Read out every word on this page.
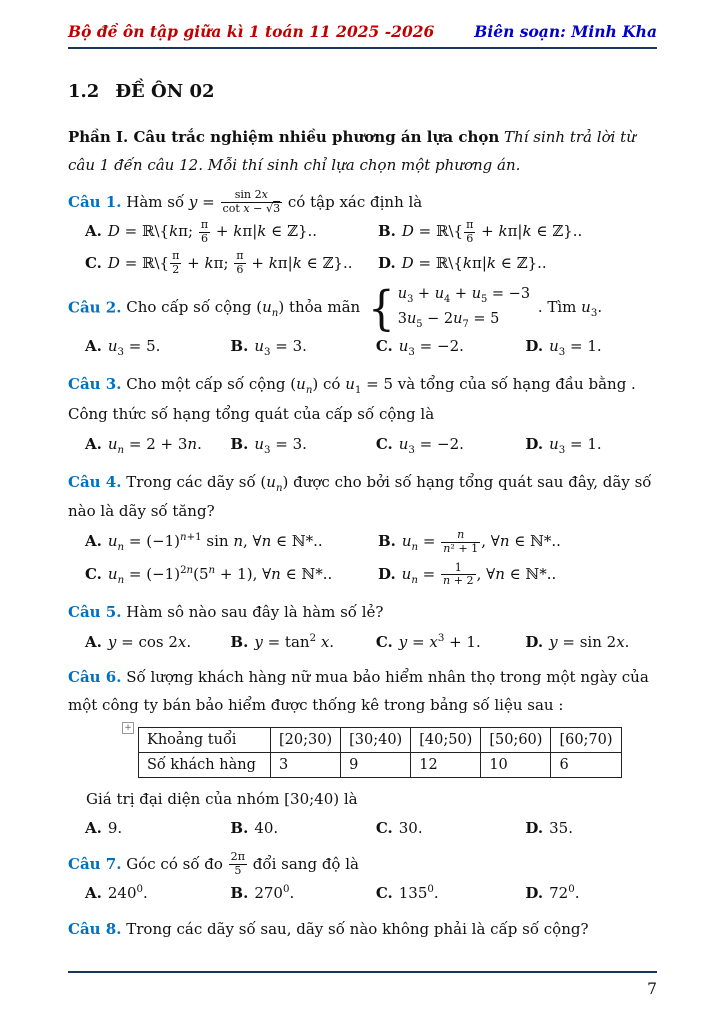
Bộ đề ôn tập giữa kì 1 toán 11 2025 -2026	Biên soạn: Minh Kha
1.2 ĐỀ ÔN 02

Phần I. Câu trắc nghiệm nhiều phương án lựa chọn Thí sinh trả lời từ câu 1 đến câu 12. Mỗi thí sinh chỉ lựa chọn một phương án.

Câu 1. Hàm số $y = \frac{\sin 2x}{\text{cot x − √3}}$ có tập xác định là

A. D = ℝ\{kπ; $\frac{\pi}{6} + k\pi|k$ ∈ ℤ}..	B. D = ℝ\{ $\frac{\pi}{6} + k\pi|k$ ∈ ℤ}..
C. D = ℝ\{ $\frac{\pi}{2} + k\pi$; $\frac{\pi}{6} + k\pi|k$ ∈ ℤ}..	D. D = ℝ\{kπ|k ∈ ℤ}..

Câu 2. Cho cấp số cộng $(u_n)$ thỏa mãn { $u_3 + u_4 + u_5 = -3$
$3u_5 - 2u_7 = 5$
. Tìm $u_3$.

A. $u_3 = 5$.	B. $u_3 = 3$.	C. $u_3 = -2$.	D. $u_3 = 1$.

Câu 3. Cho một cấp số cộng $(u_n)$ có $u_1 = 5$ và tổng của số hạng đầu bằng . Công thức số hạng tổng quát của cấp số cộng là

A. $u_n = 2 + 3n$.	B. $u_3 = 3$.	C. $u_3 = -2$.	D. $u_3 = 1$.

Câu 4. Trong các dãy số $(u_n)$ được cho bởi số hạng tổng quát sau đây, dãy số nào là dãy số tăng?

A. $u_n = (-1)^{n+1}$ sin n, ∀n ∈ ℕ*..	B. $u_n = \frac{n}{\text{n² + 1}}$ , ∀n ∈ ℕ*..
C. $u_n = (-1)^{2n}(5^n + 1)$, ∀n ∈ ℕ*..	D. $u_n = \frac{1}{n + 2}$ , ∀n ∈ ℕ*..

Câu 5. Hàm sô nào sau đây là hàm số lẻ?

A. y = cos 2x.	B. $y = \tan^2 x$.	C. $y = x^3 + 1$.	D. y = sin 2x.

Câu 6. Số lượng khách hàng nữ mua bảo hiểm nhân thọ trong một ngày của một công ty bán bảo hiểm được thống kê trong bảng số liệu sau :

+
Khoảng tuổi	[20;30)	[30;40)	[40;50)	[50;60)	[60;70)
Số khách hàng	3	9	12	10	6

Giá trị đại diện của nhóm [30;40) là

A. 9.	B. 40.	C. 30.	D. 35.

Câu 7. Góc có số đo $\frac{2\pi}{5}$ đổi sang độ là

A. $240^0$.	B. $270^0$.	C. $135^0$.	D. $72^0$.

Câu 8. Trong các dãy số sau, dãy số nào không phải là cấp số cộng?

7
